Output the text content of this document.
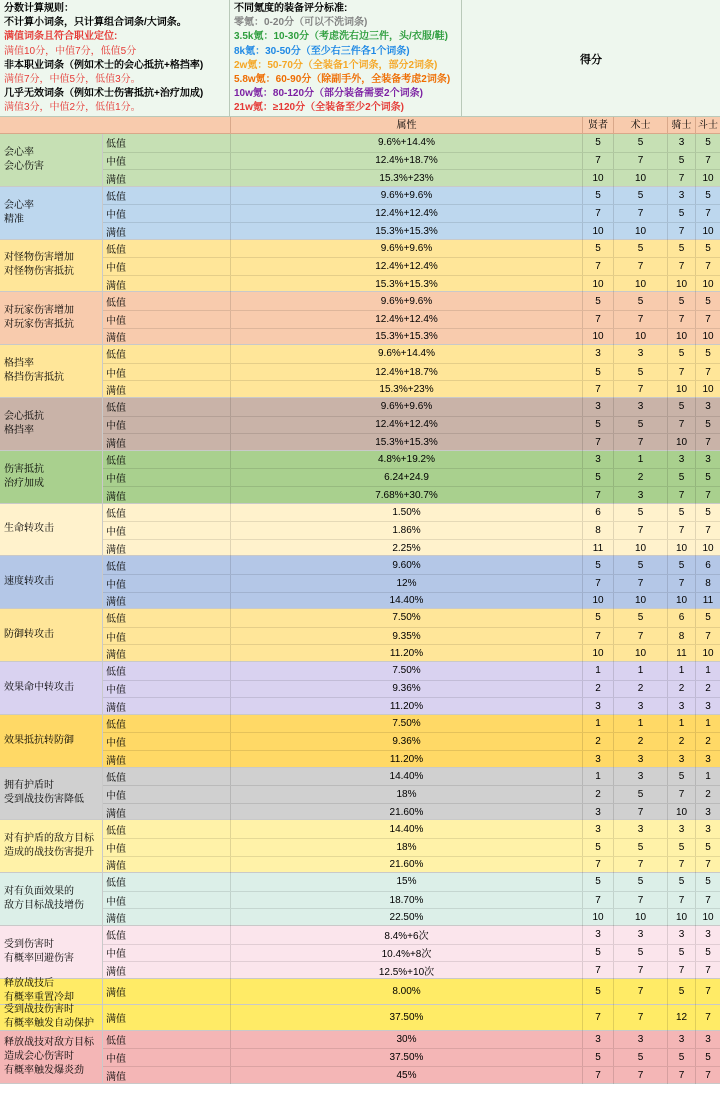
分数计算规则：
不计算小词条，只计算组合词条/大词条。
满值词条且符合职业定位:
满值10分，中值7分，低值5分
非本职业词条（例如术士的会心抵抗+格挡率)
满值7分，中值5分，低值3分。
几乎无效词条（例如术士伤害抵抗+治疗加成)
满值3分，中值2分，低值1分。
不同氪度的装备评分标准:
零氪：0-20分（可以不洗词条)
3.5k氪：10-30分（考虑洗右边三件，头/衣服/鞋)
8k氪：30-50分（至少右三件各1个词条)
2w氪：50-70分（全装备1个词条，部分2词条)
5.8w氪：60-90分（除副手外，全装备考虑2词条)
10w氪：80-120分（部分装备需要2个词条)
21w氪：≥120分（全装备至少2个词条)
得分
属性	贤者	术士	骑士 斗士
会心率
会心伤害
低值	9.6%+14.4%	5	5	3	5
中值	12.4%+18.7%	7	7	5	7
满值	15.3%+23%	10	10	7	10
会心率
精准
低值	9.6%+9.6%	5	5	3	5
中值	12.4%+12.4%	7	7	5	7
满值	15.3%+15.3%	10	10	7	10
对怪物伤害增加
对怪物伤害抵抗
低值	9.6%+9.6%	5	5	5	5
中值	12.4%+12.4%	7	7	7	7
满值	15.3%+15.3%	10	10	10	10
对玩家伤害增加
对玩家伤害抵抗
低值	9.6%+9.6%	5	5	5	5
中值	12.4%+12.4%	7	7	7	7
满值	15.3%+15.3%	10	10	10	10
格挡率
格挡伤害抵抗
低值	9.6%+14.4%	3	3	5	5
中值	12.4%+18.7%	5	5	7	7
满值	15.3%+23%	7	7	10	10
会心抵抗
格挡率
低值	9.6%+9.6%	3	3	5	3
中值	12.4%+12.4%	5	5	7	5
满值	15.3%+15.3%	7	7	10	7
伤害抵抗
治疗加成
低值	4.8%+19.2%	3	1	3	3
中值	6.24+24.9	5	2	5	5
满值	7.68%+30.7%	7	3	7	7
生命转攻击
低值	1.50%	6	5	5	5
中值	1.86%	8	7	7	7
满值	2.25%	11	10	10	10
速度转攻击
低值	9.60%	5	5	5	6
中值	12%	7	7	7	8
满值	14.40%	10	10	10	11
防御转攻击
低值	7.50%	5	5	6	5
中值	9.35%	7	7	8	7
满值	11.20%	10	10	11	10
效果命中转攻击
低值	7.50%	1	1	1	1
中值	9.36%	2	2	2	2
满值	11.20%	3	3	3	3
效果抵抗转防御
低值	7.50%	1	1	1	1
中值	9.36%	2	2	2	2
满值	11.20%	3	3	3	3
拥有护盾时
受到战技伤害降低
低值	14.40%	1	3	5	1
中值	18%	2	5	7	2
满值	21.60%	3	7	10	3
对有护盾的敌方目标
造成的战技伤害提升
低值	14.40%	3	3	3	3
中值	18%	5	5	5	5
满值	21.60%	7	7	7	7
对有负面效果的
敌方目标战技增伤
低值	15%	5	5	5	5
中值	18.70%	7	7	7	7
满值	22.50%	10	10	10	10
受到伤害时
有概率回避伤害
低值	8.4%+6次	3	3	3	3
中值	10.4%+8次	5	5	5	5
满值	12.5%+10次	7	7	7	7
释放战技后
有概率重置冷却	满值	8.00%	5	7	5	7
受到战技伤害时
有概率触发自动保护	满值	37.50%	7	7	12	7
释放战技对敌方目标
造成会心伤害时
有概率触发爆炎劲
低值	30%	3	3	3	3
中值	37.50%	5	5	5	5
满值	45%	7	7	7	7
